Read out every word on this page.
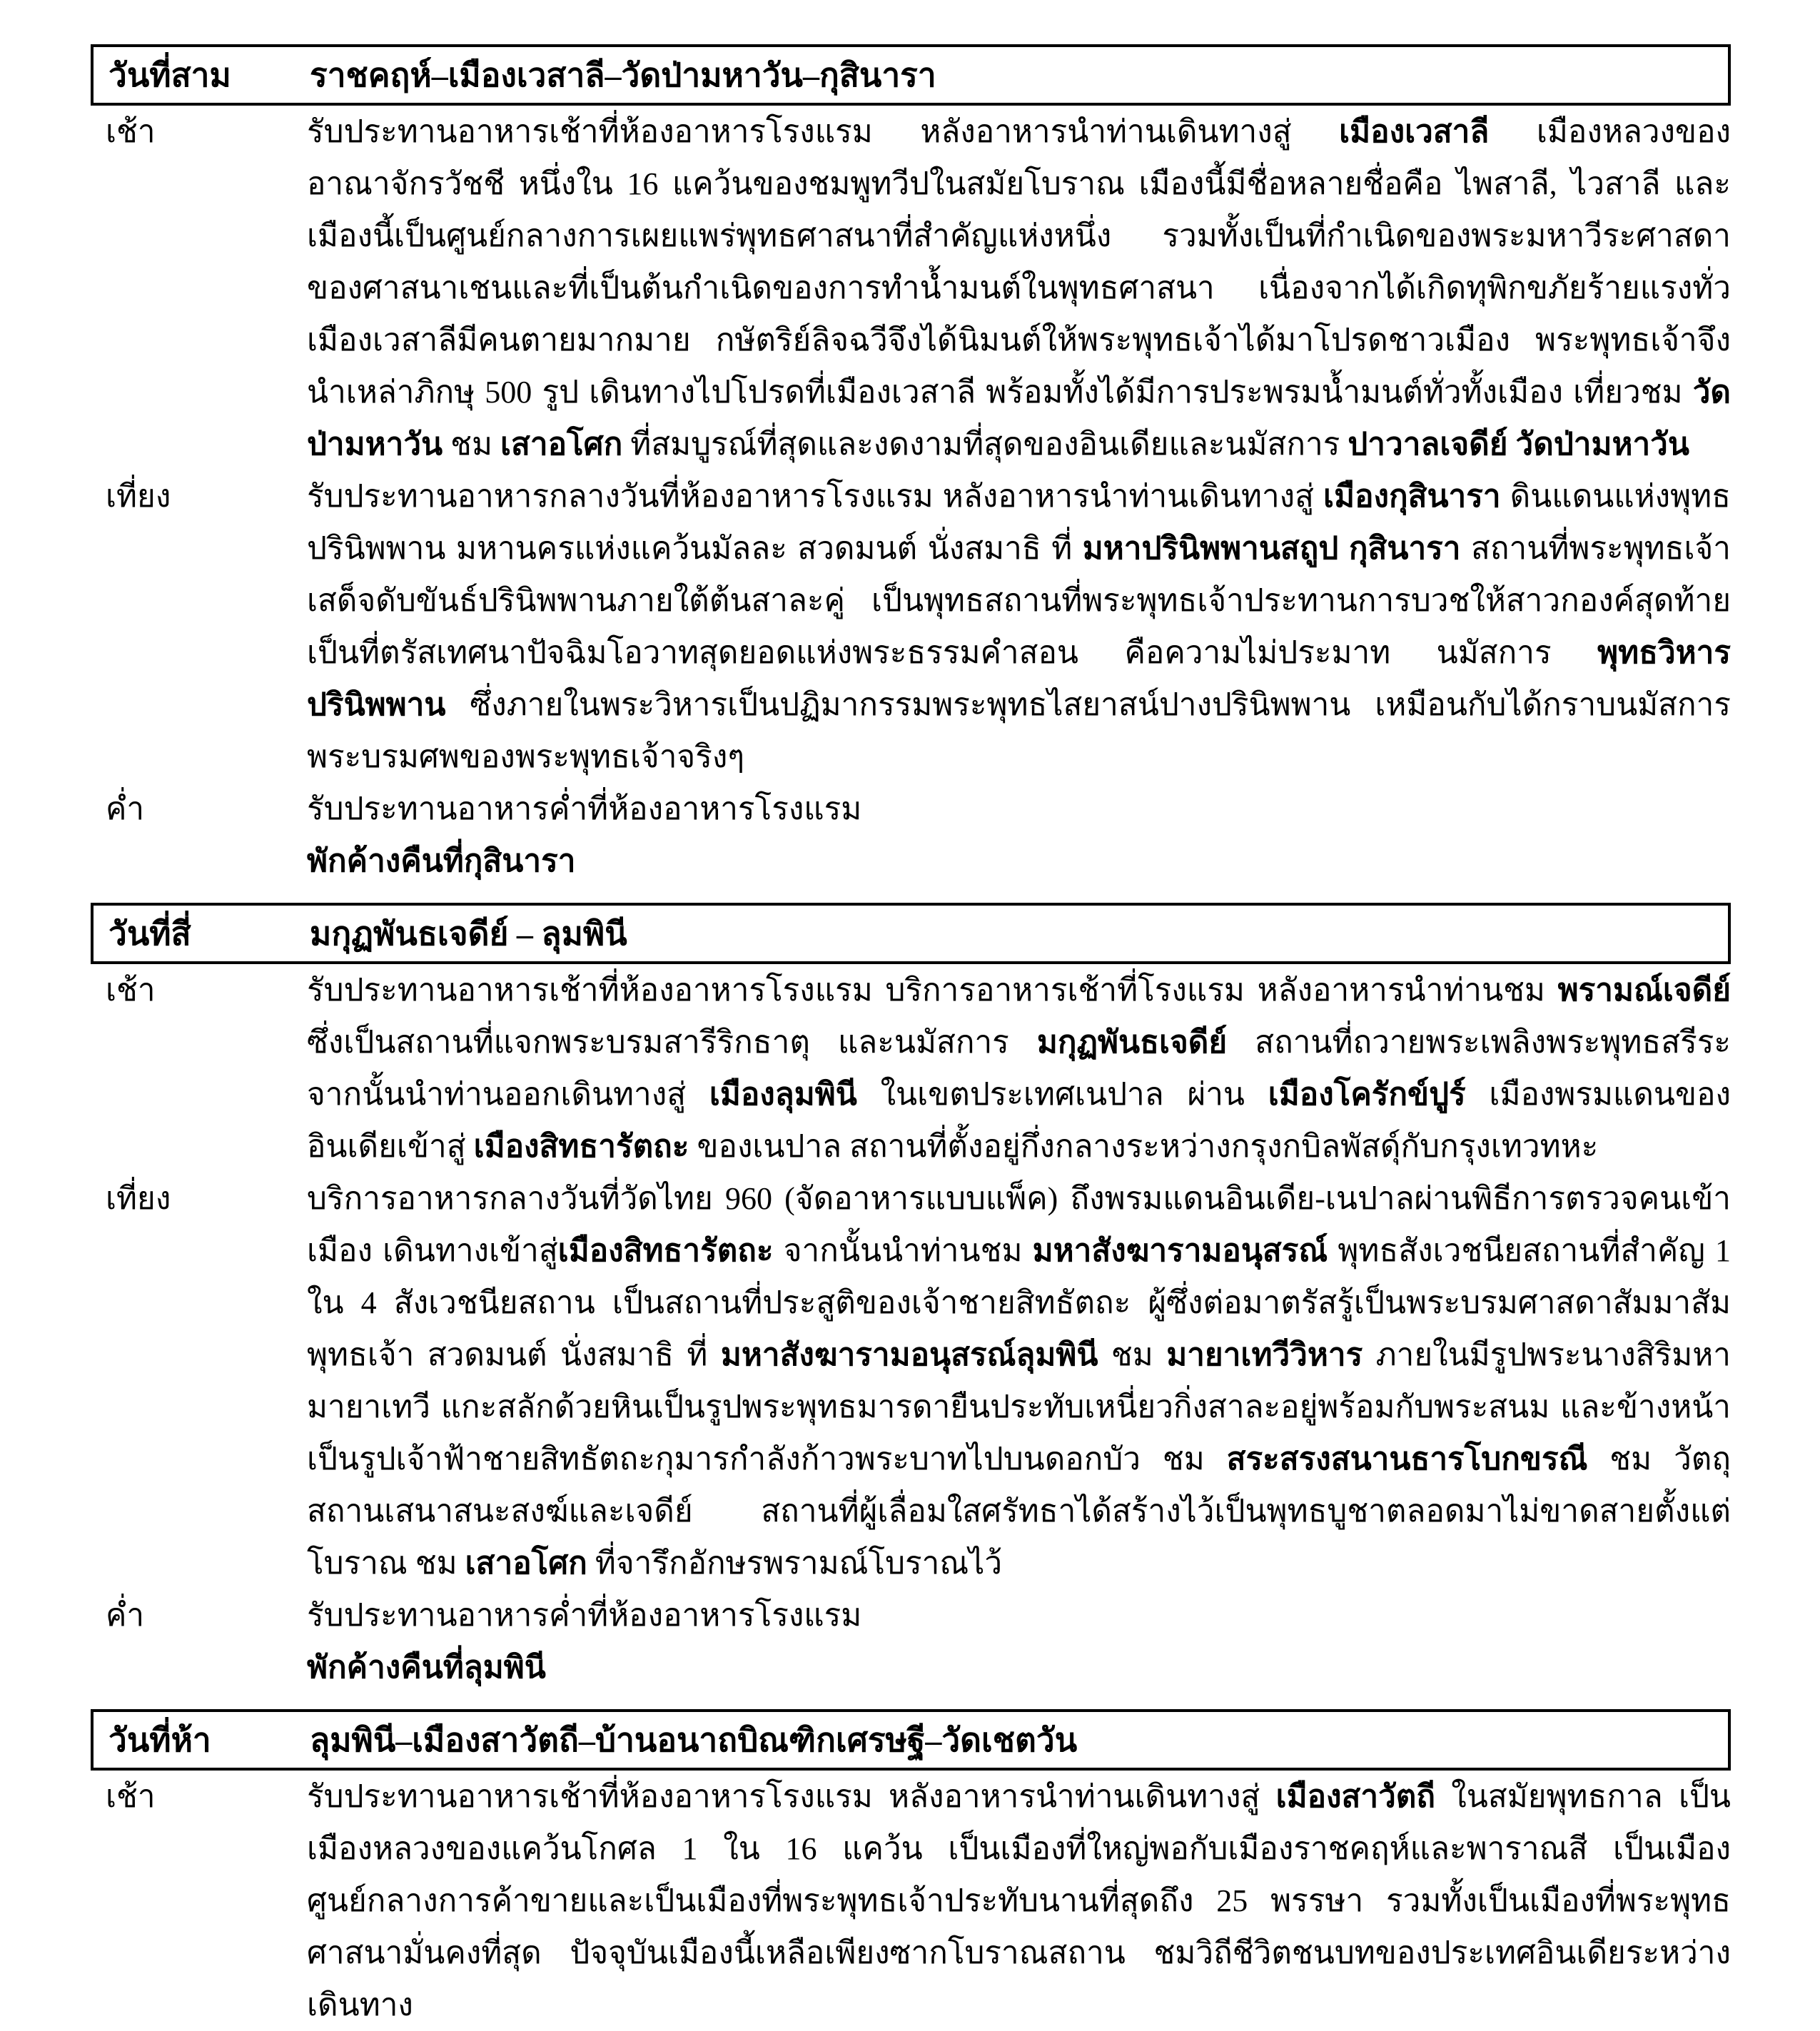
วันที่สาม	ราชคฤห์–เมืองเวสาลี–วัดป่ามหาวัน–กุสินารา
เช้า	รับประทานอาหารเช้าที่ห้องอาหารโรงแรม หลังอาหารนำท่านเดินทางสู่ เมืองเวสาลี เมืองหลวงของอาณาจักรวัชชี หนึ่งใน 16 แคว้นของชมพูทวีปในสมัยโบราณ เมืองนี้มีชื่อหลายชื่อคือ ไพสาลี, ไวสาลี และเมืองนี้เป็นศูนย์กลางการ​เผยแพร่พุทธศาสนาที่สำคัญแห่งหนึ่ง รวมทั้งเป็นที่กำเนิดของพระมหาวีระศาสดาของศาสนาเชนและที่เป็นต้นกำเนิด​ของการทำน้ำมนต์ในพุทธศาสนา เนื่องจากได้เกิดทุพิกขภัยร้ายแรงทั่วเมืองเวสาลีมีคนตายมากมาย กษัตริย์ลิจฉวีจึง​ได้นิมนต์ให้พระพุทธเจ้าได้มาโปรดชาวเมือง พระพุทธเจ้าจึงนำเหล่าภิกษุ 500 รูป เดินทางไปโปรดที่เมืองเวสาลี พร้อมทั้งได้มีการประพรมน้ำมนต์ทั่วทั้งเมือง เที่ยวชม วัดป่ามหาวัน ชม เสาอโศก ที่สมบูรณ์ที่สุดและงดงามที่สุดของ​อินเดียและนมัสการ ปาวาลเจดีย์ วัดป่ามหาวัน
เที่ยง	รับประทานอาหารกลางวันที่ห้องอาหารโรงแรม หลังอาหารนำท่านเดินทางสู่ เมืองกุสินารา ดินแดนแห่งพุทธ​ปรินิพพาน มหานครแห่งแคว้นมัลละ สวดมนต์ นั่งสมาธิ ที่ มหาปรินิพพานสถูป กุสินารา สถานที่พระพุทธเจ้าเสด็จ​ดับขันธ์ปรินิพพานภายใต้ต้นสาละคู่ เป็นพุทธสถานที่พระพุทธเจ้าประทานการบวชให้สาวกองค์สุดท้าย เป็นที่ตรัส​เทศนาปัจฉิมโอวาทสุดยอดแห่งพระธรรมคำสอน คือความไม่ประมาท นมัสการ พุทธวิหารปรินิพพาน ซึ่งภายในพระ​วิหารเป็นปฏิมากรรมพระพุทธไสยาสน์ปางปรินิพพาน เหมือนกับได้กราบนมัสการพระบรมศพของพระพุทธเจ้าจริงๆ
ค่ำ	รับประทานอาหารค่ำที่ห้องอาหารโรงแรม
พักค้างคืนที่กุสินารา
วันที่สี่	มกุฏพันธเจดีย์ – ลุมพินี
เช้า	รับประทานอาหารเช้าที่ห้องอาหารโรงแรม บริการอาหารเช้าที่โรงแรม หลังอาหารนำท่านชม พรามณ์เจดีย์ ซึ่งเป็น​สถานที่แจกพระบรมสารีริกธาตุ และนมัสการ มกุฏพันธเจดีย์ สถานที่ถวายพระเพลิงพระพุทธสรีระ จากนั้นนำท่าน​ออกเดินทางสู่ เมืองลุมพินี ในเขตประเทศเนปาล ผ่าน เมืองโครักข์ปูร์ เมืองพรมแดนของอินเดียเข้าสู่ เมืองสิทธารัต​ถะ ของเนปาล สถานที่ตั้งอยู่กึ่งกลางระหว่างกรุงกบิลพัสดุ์กับกรุงเทวทหะ
เที่ยง	บริการอาหารกลางวันที่วัดไทย 960 (จัดอาหารแบบแพ็ค) ถึงพรมแดนอินเดีย-เนปาลผ่านพิธีการตรวจคนเข้าเมือง เดินทางเข้าสู่เมืองสิทธารัตถะ จากนั้นนำท่านชม มหาสังฆารามอนุสรณ์ พุทธสังเวชนียสถานที่สำคัญ 1 ใน 4 สังเวชนียสถาน เป็นสถานที่ประสูติของเจ้าชายสิทธัตถะ ผู้ซึ่งต่อมาตรัสรู้เป็นพระบรมศาสดาสัมมาสัมพุทธเจ้า สวด​มนต์ นั่งสมาธิ ที่ มหาสังฆารามอนุสรณ์ลุมพินี ชม มายาเทวีวิหาร ภายในมีรูปพระนางสิริมหามายาเทวี แกะสลัก​ด้วยหินเป็นรูปพระพุทธมารดายืนประทับเหนี่ยวกิ่งสาละอยู่พร้อมกับพระสนม และข้างหน้าเป็นรูปเจ้าฟ้าชายสิทธัตถะ​กุมารกำลังก้าวพระบาทไปบนดอกบัว ชม สระสรงสนานธารโบกขรณี ชม วัตถุสถานเสนาสนะสงฆ์และเจดีย์ สถานที่​ผู้เลื่อมใสศรัทธาได้สร้างไว้เป็นพุทธบูชาตลอดมาไม่ขาดสายตั้งแต่โบราณ ชม เสาอโศก ที่จารึกอักษรพรามณ์โบราณ​ไว้
ค่ำ	รับประทานอาหารค่ำที่ห้องอาหารโรงแรม
พักค้างคืนที่ลุมพินี
วันที่ห้า	ลุมพินี–เมืองสาวัตถี–บ้านอนาถบิณฑิกเศรษฐี–วัดเชตวัน
เช้า	รับประทานอาหารเช้าที่ห้องอาหารโรงแรม หลังอาหารนำท่านเดินทางสู่ เมืองสาวัตถี ในสมัยพุทธกาล เป็นเมือง​หลวงของแคว้นโกศล 1 ใน 16 แคว้น เป็นเมืองที่ใหญ่พอกับเมืองราชคฤห์และพาราณสี เป็นเมืองศูนย์กลางการค้า​ขายและเป็นเมืองที่พระพุทธเจ้าประทับนานที่สุดถึง 25 พรรษา รวมทั้งเป็นเมืองที่พระพุทธศาสนามั่นคงที่สุด ปัจจุบัน​เมืองนี้เหลือเพียงซากโบราณสถาน ชมวิถีชีวิตชนบท​ของประเทศอินเดียระหว่างเดินทาง
